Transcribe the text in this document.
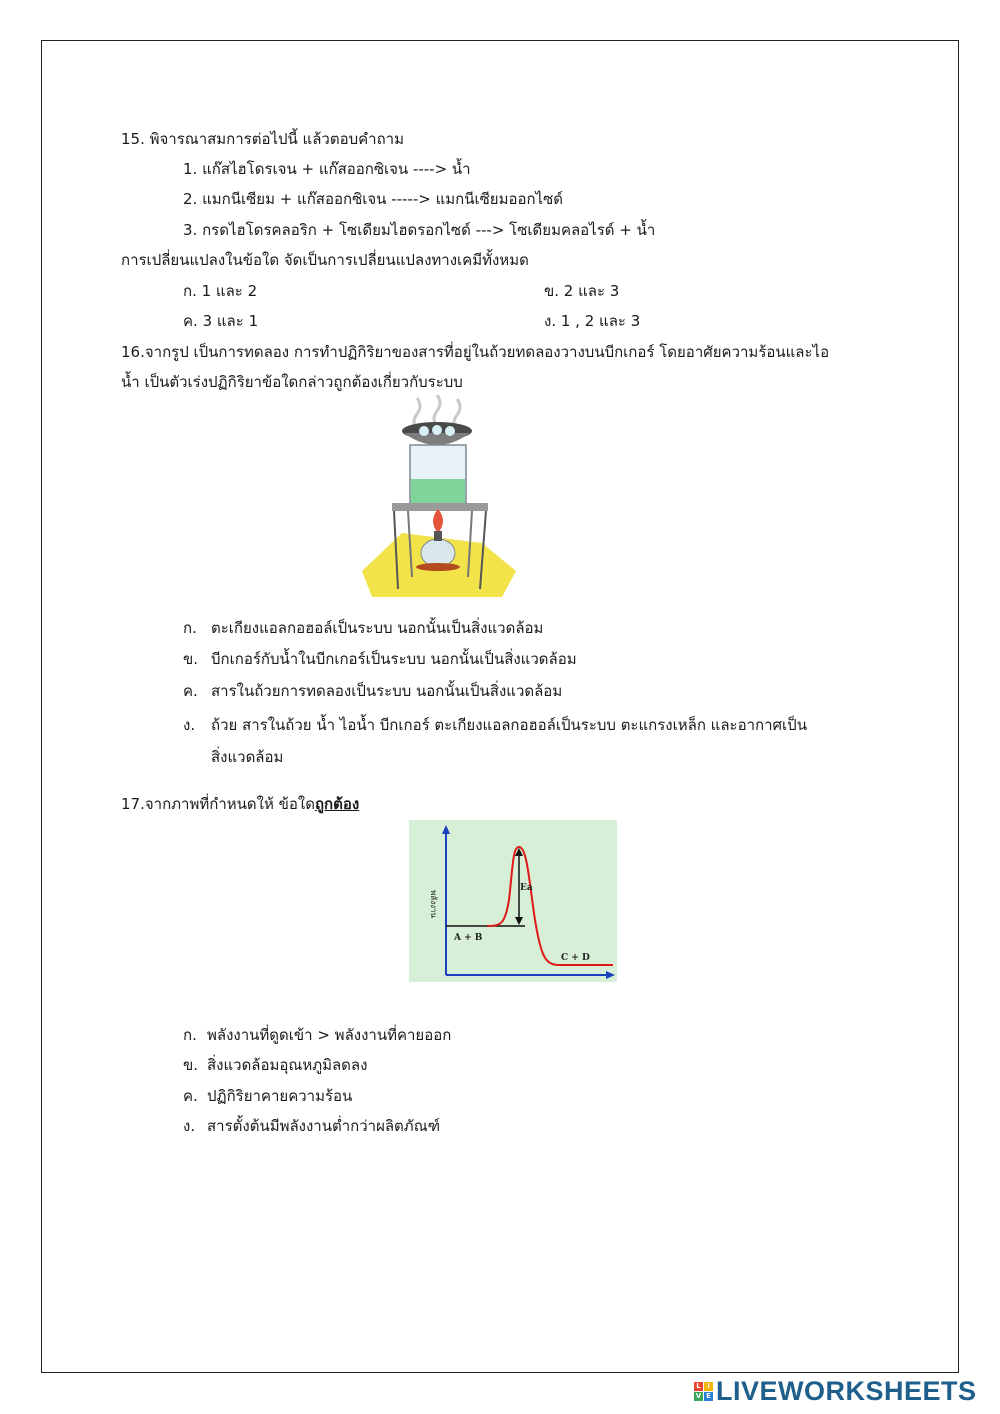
15. พิจารณาสมการต่อไปนี้ แล้วตอบคำถาม
1. แก๊สไฮโดรเจน + แก๊สออกซิเจน ----> น้ำ
2. แมกนีเซียม + แก๊สออกซิเจน -----> แมกนีเซียมออกไซด์
3. กรดไฮโดรคลอริก + โซเดียมไฮดรอกไซด์ ---> โซเดียมคลอไรด์ + น้ำ
การเปลี่ยนแปลงในข้อใด จัดเป็นการเปลี่ยนแปลงทางเคมีทั้งหมด
ก. 1 และ 2	ข. 2 และ 3
ค. 3 และ 1	ง. 1 , 2 และ 3
16.จากรูป เป็นการทดลอง การทำปฏิกิริยาของสารที่อยู่ในถ้วยทดลองวางบนบีกเกอร์ โดยอาศัยความร้อนและไอ
น้ำ เป็นตัวเร่งปฏิกิริยาข้อใดกล่าวถูกต้องเกี่ยวกับระบบ
ก. ตะเกียงแอลกอฮอล์เป็นระบบ นอกนั้นเป็นสิ่งแวดล้อม
ข. บีกเกอร์กับน้ำในบีกเกอร์เป็นระบบ นอกนั้นเป็นสิ่งแวดล้อม
ค. สารในถ้วยการทดลองเป็นระบบ นอกนั้นเป็นสิ่งแวดล้อม
ง. ถ้วย สารในถ้วย น้ำ ไอน้ำ บีกเกอร์ ตะเกียงแอลกอฮอล์เป็นระบบ ตะแกรงเหล็ก และอากาศเป็น
สิ่งแวดล้อม
17.จากภาพที่กำหนดให้ ข้อใดถูกต้อง
พลังงาน
Ea
A + B
C + D
ก. พลังงานที่ดูดเข้า > พลังงานที่คายออก
ข. สิ่งแวดล้อมอุณหภูมิลดลง
ค. ปฏิกิริยาคายความร้อน
ง. สารตั้งต้นมีพลังงานต่ำกว่าผลิตภัณฑ์
L I
V E LIVEWORKSHEETS
